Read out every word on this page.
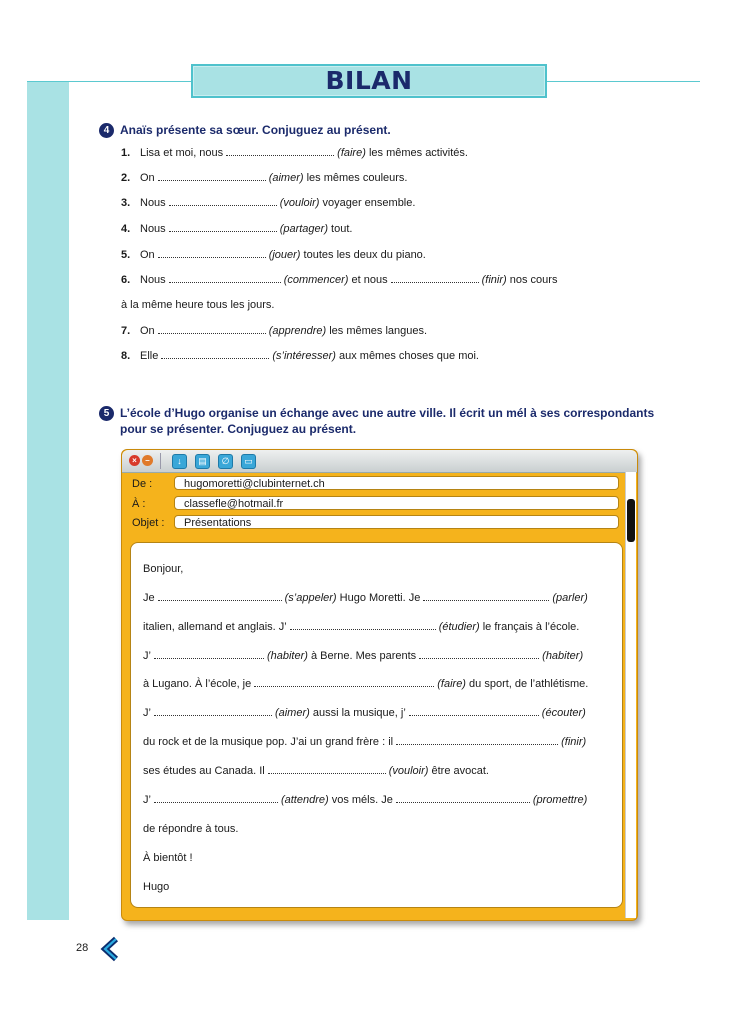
BILAN
4 Anaïs présente sa sœur. Conjuguez au présent.
1. Lisa et moi, nous	(faire) les mêmes activités.
2. On	(aimer) les mêmes couleurs.
3. Nous	(vouloir) voyager ensemble.
4. Nous	(partager) tout.
5. On	(jouer) toutes les deux du piano.
6. Nous	(commencer) et nous	(finir) nos cours
à la même heure tous les jours.
7. On	(apprendre) les mêmes langues.
8. Elle	(s’intéresser) aux mêmes choses que moi.
5 L’école d’Hugo organise un échange avec une autre ville. Il écrit un mél à ses correspondants
pour se présenter. Conjuguez au présent.
×	–	↓	▤	∅	▭
De :	hugomoretti@clubinternet.ch
À :	classefle@hotmail.fr
Objet :	Présentations
Bonjour,
Je	(s’appeler) Hugo Moretti. Je	(parler)
italien, allemand et anglais. J’	(étudier) le français à l’école.
J’	(habiter) à Berne. Mes parents	(habiter)
à Lugano. À l’école, je	(faire) du sport, de l’athlétisme.
J’	(aimer) aussi la musique, j’	(écouter)
du rock et de la musique pop. J’ai un grand frère : il	(finir)
ses études au Canada. Il	(vouloir) être avocat.
J’	(attendre) vos méls. Je	(promettre)
de répondre à tous.
À bientôt !
Hugo
28
